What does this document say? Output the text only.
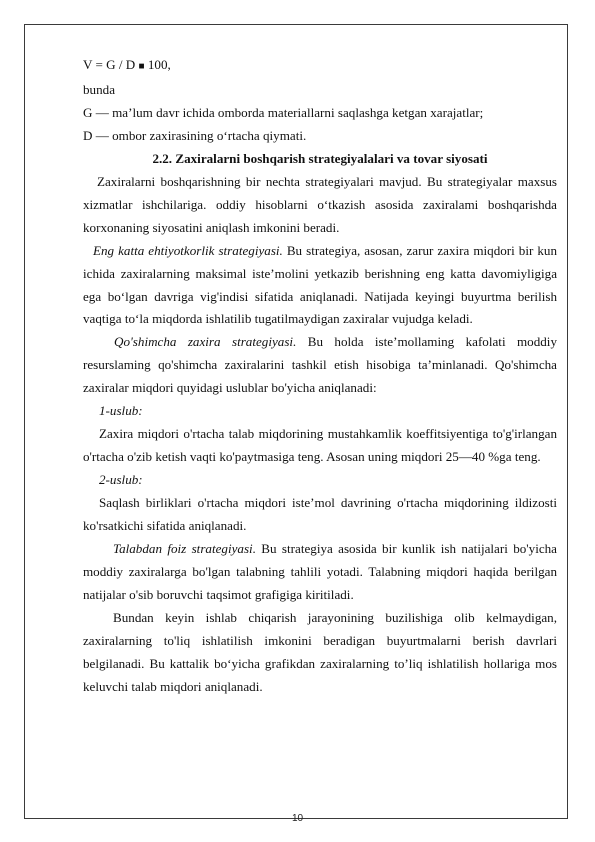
V = G / D ■ 100,
bunda
G — ma’lum davr ichida omborda materiallarni saqlashga ketgan xarajatlar;
D — ombor zaxirasining o‘rtacha qiymati.
2.2. Zaxiralarni boshqarish strategiyalalari va tovar siyosati
Zaxiralarni boshqarishning bir nechta strategiyalari mavjud. Bu strategiyalar maxsus xizmatlar ishchilariga. oddiy hisoblarni o‘tkazish asosida zaxiralami boshqarishda korxonaning siyosatini aniqlash imkonini beradi.
Eng katta ehtiyotkorlik strategiyasi. Bu strategiya, asosan, zarur zaxira miqdori bir kun ichida zaxiralarning maksimal iste’molini yetkazib berishning eng katta davomiyligiga ega bo‘lgan davriga vig'indisi sifatida aniqlanadi. Natijada keyingi buyurtma berilish vaqtiga to‘la miqdorda ishlatilib tugatilmaydigan zaxiralar vujudga keladi.
Qo'shimcha zaxira strategiyasi. Bu holda iste’mollaming kafolati moddiy resurslaming qo'shimcha zaxiralarini tashkil etish hisobiga ta’minlanadi. Qo'shimcha zaxiralar miqdori quyidagi uslublar bo'yicha aniqlanadi:
1-uslub:
Zaxira miqdori o'rtacha talab miqdorining mustahkamlik koeffitsiyentiga to'g'irlangan o'rtacha o'zib ketish vaqti ko'paytmasiga teng. Asosan uning miqdori 25—40 %ga teng.
2-uslub:
Saqlash birliklari o'rtacha miqdori iste’mol davrining o'rtacha miqdorining ildizosti ko'rsatkichi sifatida aniqlanadi.
Talabdan foiz strategiyasi. Bu strategiya asosida bir kunlik ish natijalari bo'yicha moddiy zaxiralarga bo'lgan talabning tahlili yotadi. Talabning miqdori haqida berilgan natijalar o'sib boruvchi taqsimot grafigiga kiritiladi.
Bundan keyin ishlab chiqarish jarayonining buzilishiga olib kelmaydigan, zaxiralarning to'liq ishlatilish imkonini beradigan buyurtmalarni berish davrlari belgilanadi. Bu kattalik bo‘yicha grafikdan zaxiralarning to’liq ishlatilish hollariga mos keluvchi talab miqdori aniqlanadi.
10
